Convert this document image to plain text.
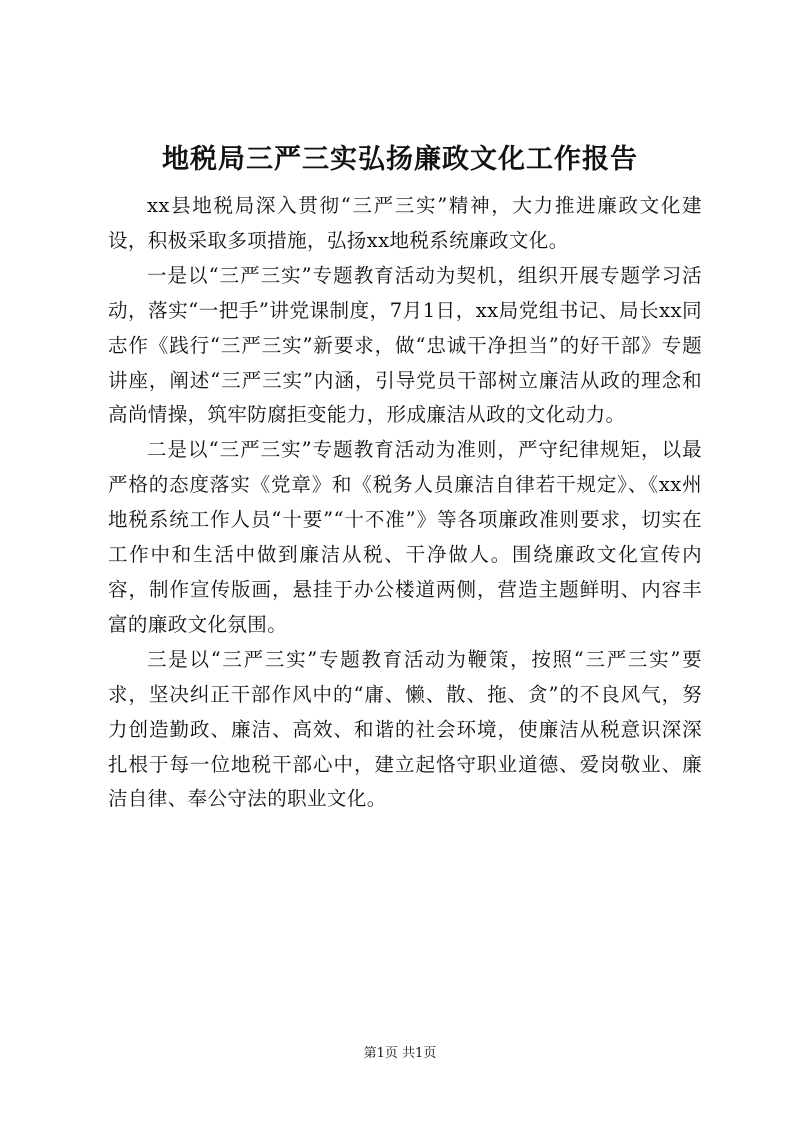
地税局三严三实弘扬廉政文化工作报告

xx县地税局深入贯彻“三严三实”精神，大力推进廉政文化建设，积极采取多项措施，弘扬xx地税系统廉政文化。

一是以“三严三实”专题教育活动为契机，组织开展专题学习活动，落实“一把手”讲党课制度，7月1日，xx局党组书记、局长xx同志作《践行“三严三实”新要求，做“忠诚干净担当”的好干部》专题讲座，阐述“三严三实”内涵，引导党员干部树立廉洁从政的理念和高尚情操，筑牢防腐拒变能力，形成廉洁从政的文化动力。

二是以“三严三实”专题教育活动为准则，严守纪律规矩，以最严格的态度落实《党章》和《税务人员廉洁自律若干规定》、《xx州地税系统工作人员“十要”“十不准”》等各项廉政准则要求，切实在工作中和生活中做到廉洁从税、干净做人。围绕廉政文化宣传内容，制作宣传版画，悬挂于办公楼道两侧，营造主题鲜明、内容丰富的廉政文化氛围。

三是以“三严三实”专题教育活动为鞭策，按照“三严三实”要求，坚决纠正干部作风中的“庸、懒、散、拖、贪”的不良风气，努力创造勤政、廉洁、高效、和谐的社会环境，使廉洁从税意识深深扎根于每一位地税干部心中，建立起恪守职业道德、爱岗敬业、廉洁自律、奉公守法的职业文化。

第1页 共1页
